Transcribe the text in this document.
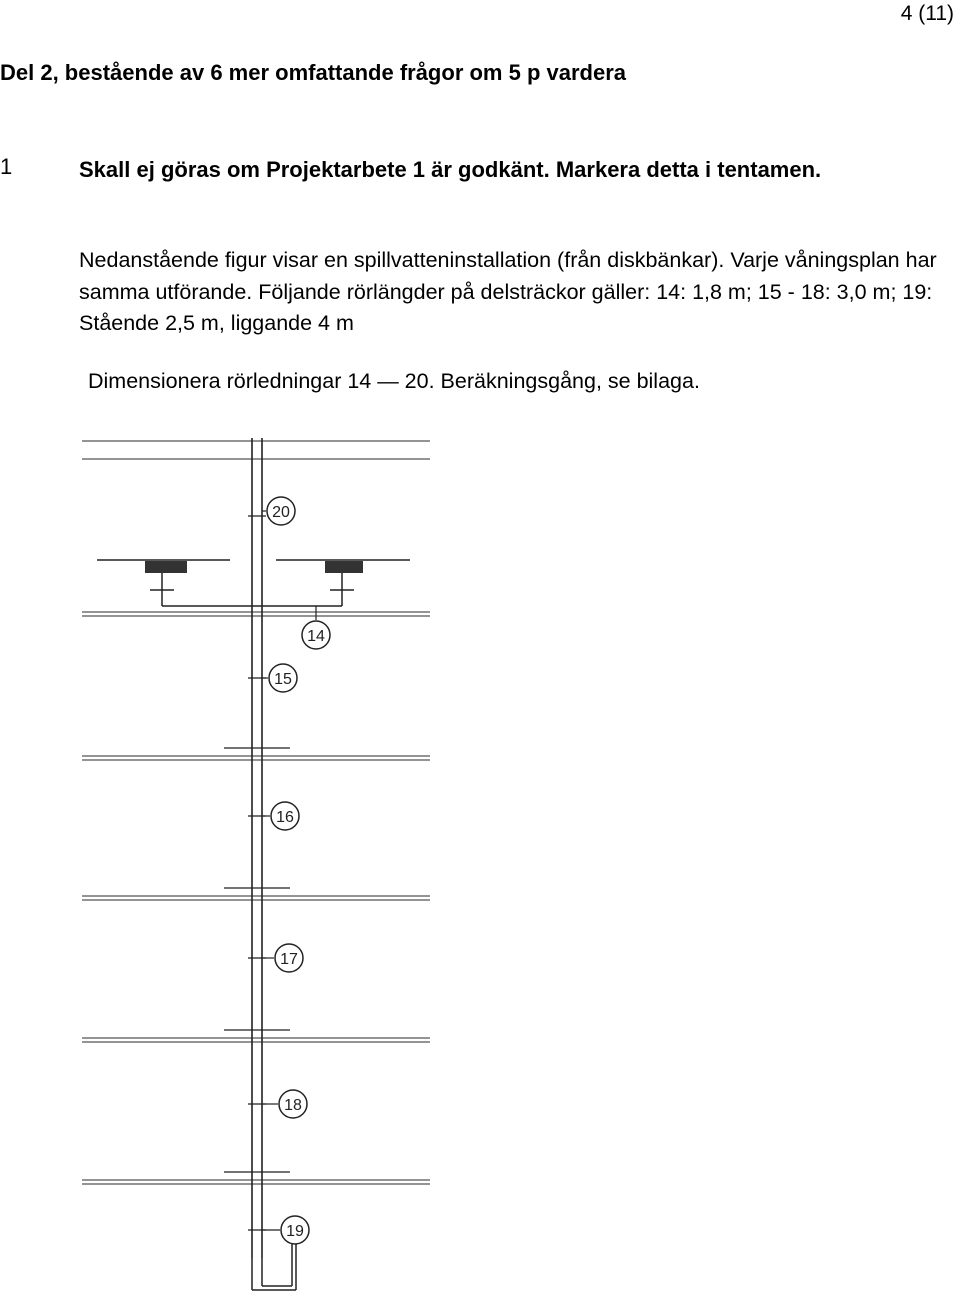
4 (11)
Del 2, bestående av 6 mer omfattande frågor om 5 p vardera
1	Skall ej göras om Projektarbete 1 är godkänt. Markera detta i tentamen.

Nedanstående figur visar en spillvatteninstallation (från diskbänkar). Varje våningsplan har samma utförande. Följande rörlängder på delsträckor gäller: 14: 1,8 m; 15 - 18: 3,0 m; 19: Stående 2,5 m, liggande 4 m

Dimensionera rörledningar 14 — 20. Beräkningsgång, se bilaga.

20
14
15
16
17
18
19
